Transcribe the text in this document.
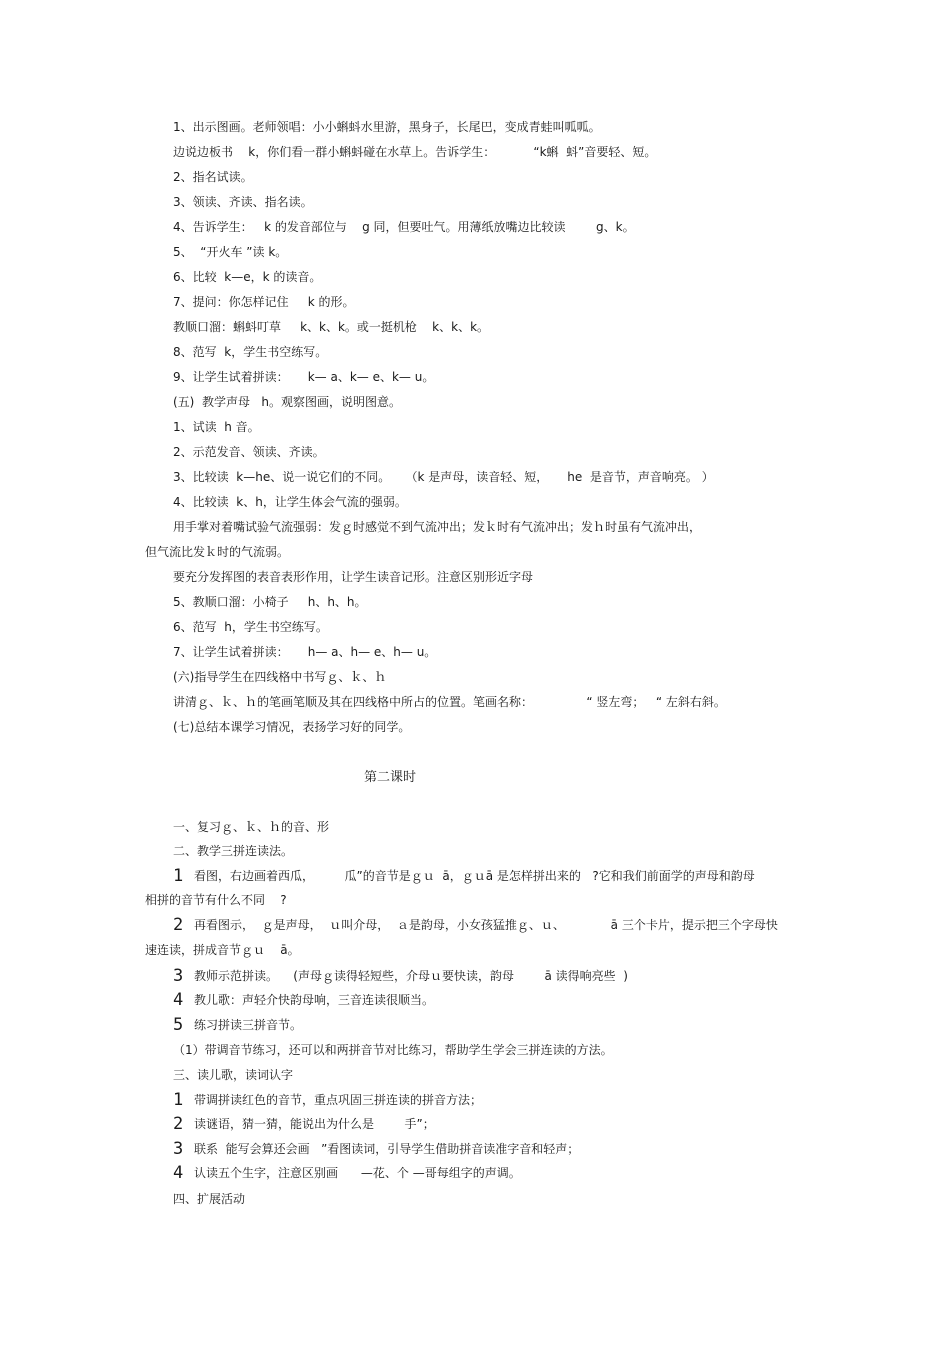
1、出示图画。老师领唱：小小蝌蚪水里游，黑身子，长尾巴，变成青蛙叫呱呱。
边说边板书    k，你们看一群小蝌蚪碰在水草上。告诉学生：          “k蝌  蚪”音要轻、短。
2、指名试读。
3、领读、齐读、指名读。
4、告诉学生：   k 的发音部位与    g 同，但要吐气。用薄纸放嘴边比较读        g、k。
5、  “开火车 ”读 k。
6、比较  k—e，k 的读音。
7、提问：你怎样记住     k 的形。
教顺口溜：蝌蚪叮草     k、k、k。或一挺机枪    k、k、k。
8、范写  k，学生书空练写。
9、让学生试着拼读：     k— a、k— e、k— u。
(五)  教学声母   h。观察图画，说明图意。
1、试读  h 音。
2、示范发音、领读、齐读。
3、比较读  k—he、说一说它们的不同。    （k 是声母，读音轻、短，     he  是音节，声音响亮。 ）
4、比较读  k、h，让学生体会气流的强弱。
用手掌对着嘴试验气流强弱：发ｇ时感觉不到气流冲出；发ｋ时有气流冲出；发ｈ时虽有气流冲出，
但气流比发ｋ时的气流弱。
要充分发挥图的表音表形作用，让学生读音记形。注意区别形近字母
5、教顺口溜：小椅子     h、h、h。
6、范写  h，学生书空练写。
7、让学生试着拼读：     h— a、h— e、h— u。
(六)指导学生在四线格中书写ｇ、ｋ、ｈ
讲清ｇ、ｋ、ｈ的笔画笔顺及其在四线格中所占的位置。笔画名称：              “ 竖左弯；   “ 左斜右斜。
(七)总结本课学习情况，表扬学习好的同学。
第二课时
一、复习ｇ、ｋ、ｈ的音、形
二、教学三拼连读法。
1 看图，右边画着西瓜，        瓜”的音节是ｇｕ  ā，ｇｕā 是怎样拼出来的   ?它和我们前面学的声母和韵母
相拼的音节有什么不同    ?
2 再看图示，  ｇ是声母，  ｕ叫介母，  ａ是韵母，小女孩猛推ｇ、ｕ、            ā 三个卡片，提示把三个字母快
速连读，拼成音节ｇｕ    ā。
3 教师示范拼读。    (声母ｇ读得轻短些，介母ｕ要快读，韵母        ā 读得响亮些  )
4 教儿歌：声轻介快韵母响，三音连读很顺当。
5 练习拼读三拼音节。
（1）带调音节练习，还可以和两拼音节对比练习，帮助学生学会三拼连读的方法。
三、读儿歌，读词认字
1 带调拼读红色的音节，重点巩固三拼连读的拼音方法；
2 读谜语，猜一猜，能说出为什么是        手”；
3 联系  能写会算还会画   ”看图读词，引导学生借助拼音读准字音和轻声；
4 认读五个生字，注意区别画      —花、个 —哥每组字的声调。
四、扩展活动
